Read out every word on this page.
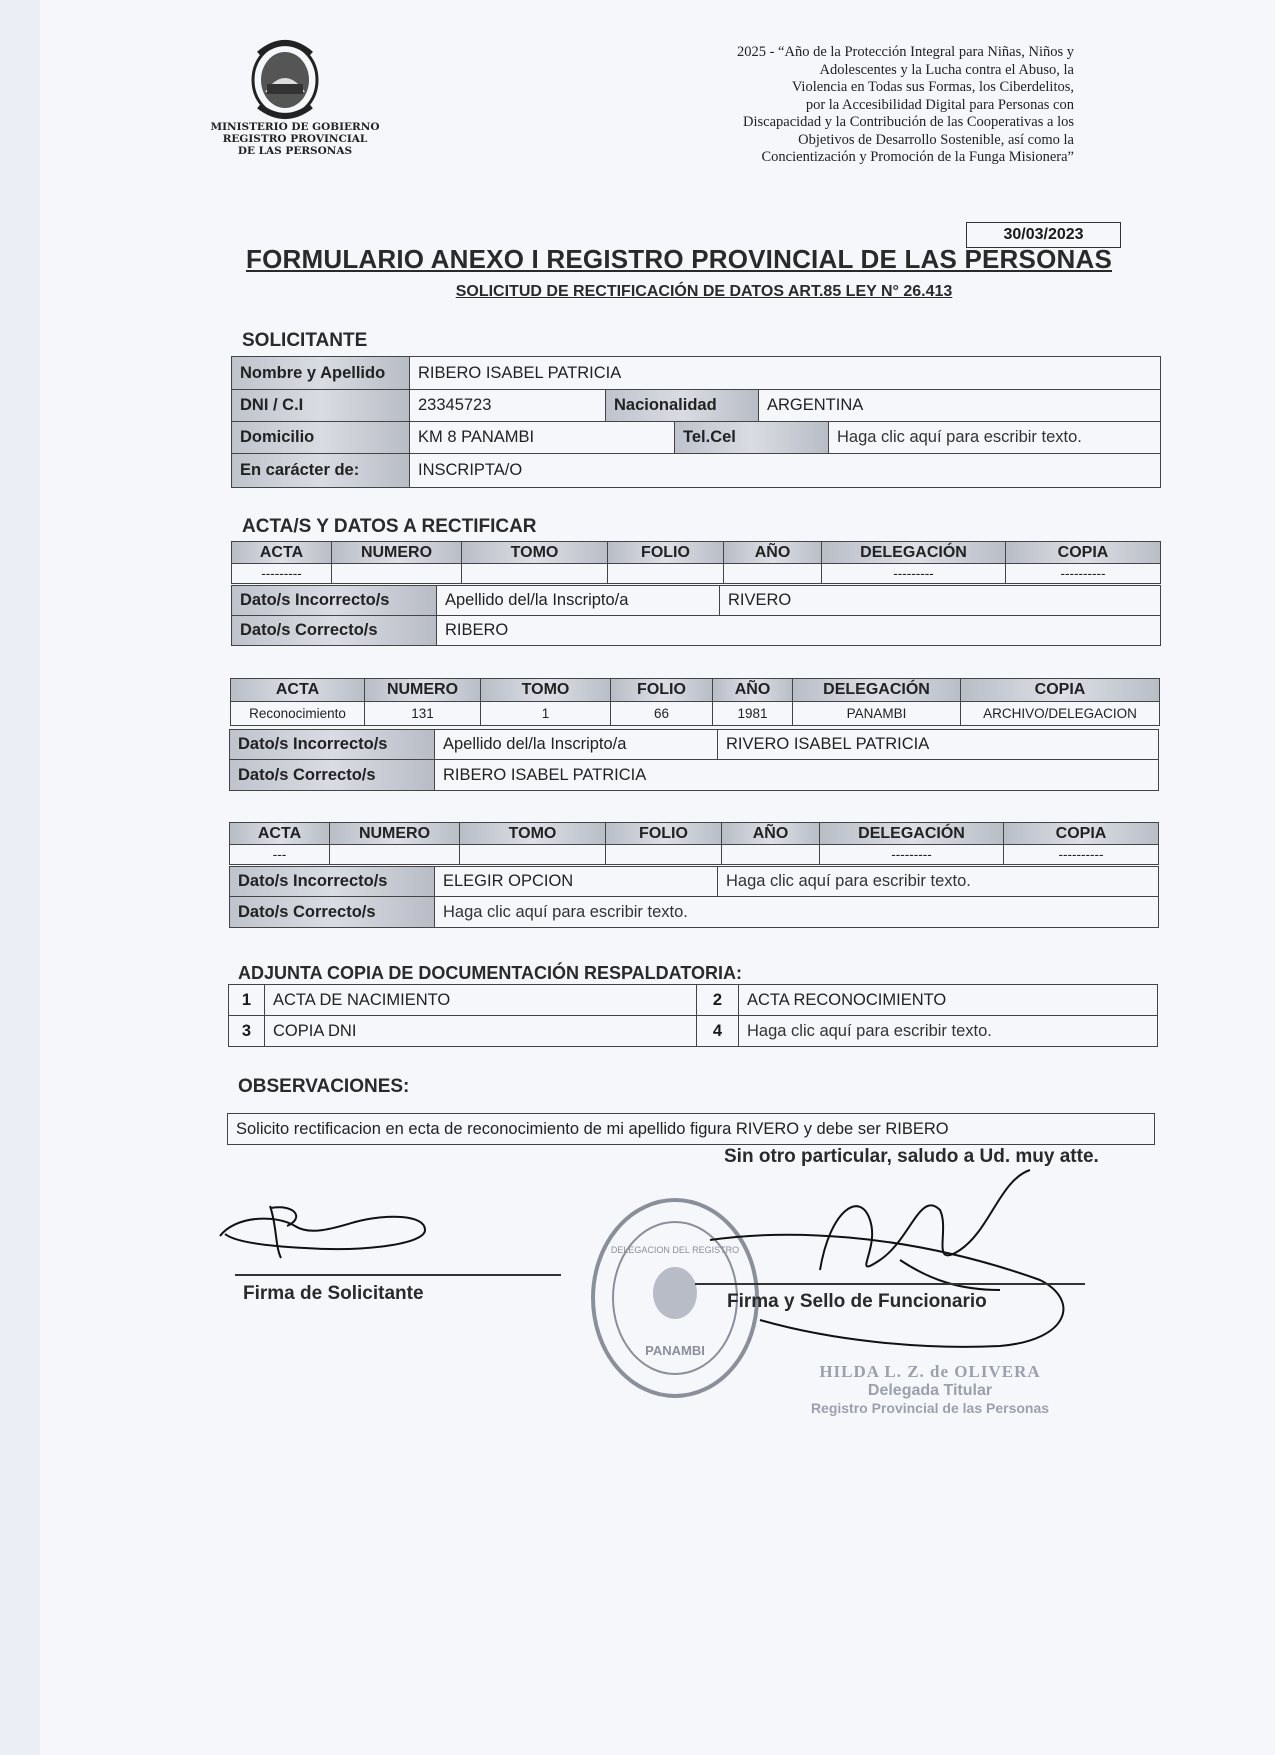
MINISTERIO DE GOBIERNO
REGISTRO PROVINCIAL
DE LAS PERSONAS
2025 - “Año de la Protección Integral para Niñas, Niños y
Adolescentes y la Lucha contra el Abuso, la
Violencia en Todas sus Formas, los Ciberdelitos,
por la Accesibilidad Digital para Personas con
Discapacidad y la Contribución de las Cooperativas a los
Objetivos de Desarrollo Sostenible, así como la
Concientización y Promoción de la Funga Misionera”
30/03/2023
FORMULARIO ANEXO I REGISTRO PROVINCIAL DE LAS PERSONAS
SOLICITUD DE RECTIFICACIÓN DE DATOS ART.85 LEY N° 26.413
SOLICITANTE
Nombre y Apellido	RIBERO ISABEL PATRICIA				
DNI / C.I	23345723	Nacionalidad		ARGENTINA	
Domicilio	KM 8 PANAMBI		Tel.Cel		Haga clic aquí para escribir texto.
En carácter de:	INSCRIPTA/O				
ACTA/S Y DATOS A RECTIFICAR
ACTA	NUMERO	TOMO	FOLIO	AÑO	DELEGACIÓN	COPIA
---------					---------	----------
Dato/s Incorrecto/s	Apellido del/la Inscripto/a	RIVERO
Dato/s Correcto/s	RIBERO	
ACTA	NUMERO	TOMO	FOLIO	AÑO	DELEGACIÓN	COPIA
Reconocimiento	131	1	66	1981	PANAMBI	ARCHIVO/DELEGACION
Dato/s Incorrecto/s	Apellido del/la Inscripto/a	RIVERO ISABEL PATRICIA
Dato/s Correcto/s	RIBERO ISABEL PATRICIA	
ACTA	NUMERO	TOMO	FOLIO	AÑO	DELEGACIÓN	COPIA
---					---------	----------
Dato/s Incorrecto/s	ELEGIR OPCION	Haga clic aquí para escribir texto.
Dato/s Correcto/s	Haga clic aquí para escribir texto.	
ADJUNTA COPIA DE DOCUMENTACIÓN RESPALDATORIA:
1	ACTA DE NACIMIENTO	2	ACTA RECONOCIMIENTO
3	COPIA DNI	4	Haga clic aquí para escribir texto.
OBSERVACIONES:
Solicito rectificacion en ecta de reconocimiento de mi apellido figura RIVERO y debe ser RIBERO
Sin otro particular, saludo a Ud. muy atte.
Firma de Solicitante
DELEGACION DEL REGISTRO
PANAMBI
Firma y Sello de Funcionario
HILDA L. Z. de OLIVERA
Delegada Titular
Registro Provincial de las Personas
